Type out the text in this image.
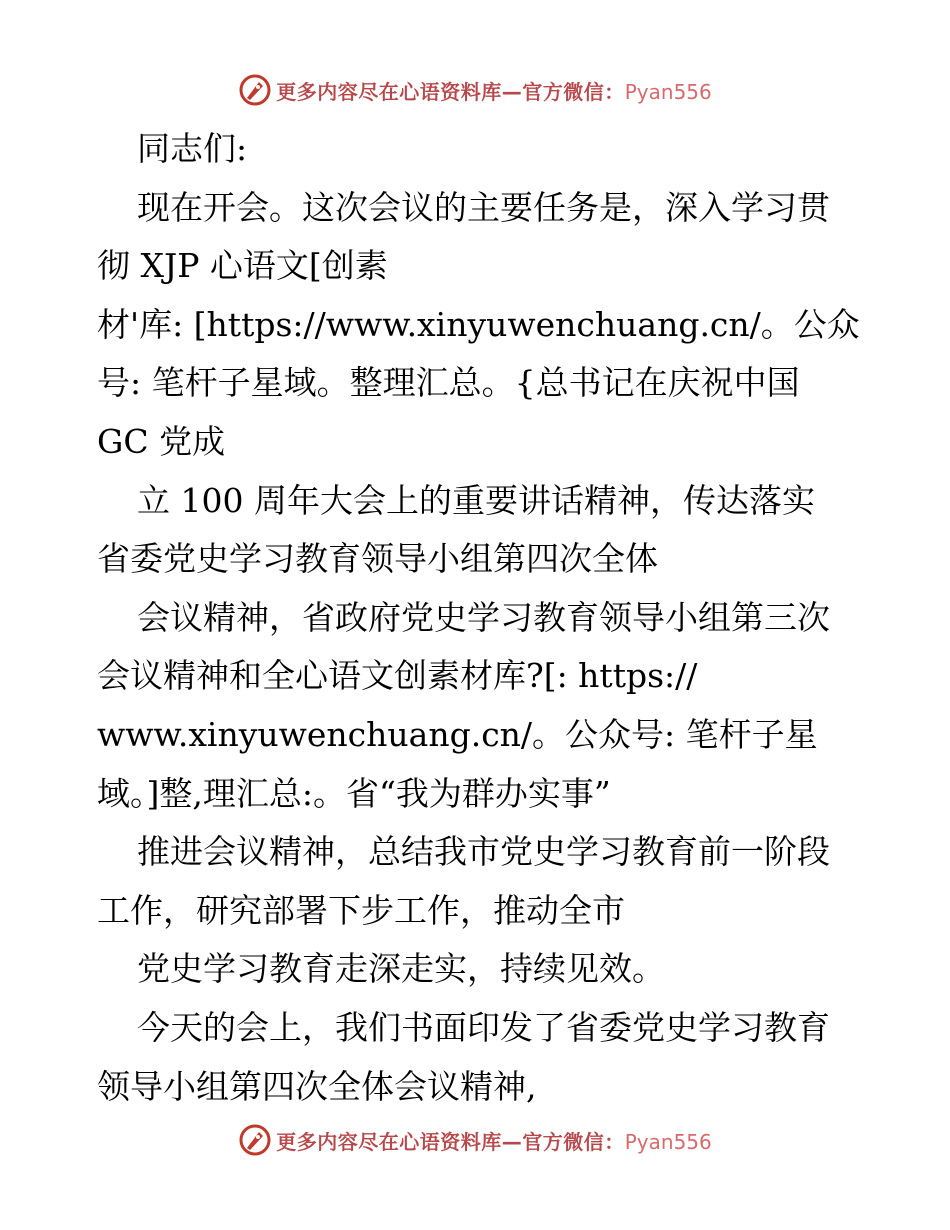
更多内容尽在心语资料库—官方微信：Pyan556
同志们:
现在开会。这次会议的主要任务是，深入学习贯
彻 XJP 心语文[创素
材'库: [https://www.xinyuwenchuang.cn/。公众
号: 笔杆子星域。整理汇总。{总书记在庆祝中国
GC 党成
立 100 周年大会上的重要讲话精神，传达落实
省委党史学习教育领导小组第四次全体
会议精神，省政府党史学习教育领导小组第三次
会议精神和全心语文创素材库?[: https://
www.xinyuwenchuang.cn/。公众号: 笔杆子星
域。]整,理汇总:。省“我为群办实事”
推进会议精神，总结我市党史学习教育前一阶段
工作，研究部署下步工作，推动全市
党史学习教育走深走实，持续见效。
今天的会上，我们书面印发了省委党史学习教育
领导小组第四次全体会议精神,
更多内容尽在心语资料库—官方微信：Pyan556
